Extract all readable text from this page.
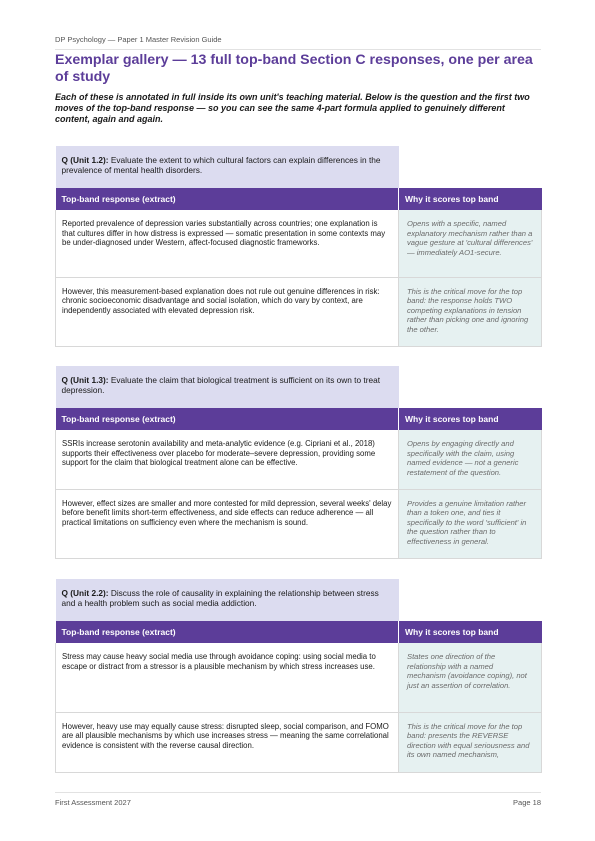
DP Psychology — Paper 1 Master Revision Guide
Exemplar gallery — 13 full top-band Section C responses, one per area of study

Each of these is annotated in full inside its own unit's teaching material. Below is the question and the first two moves of the top-band response — so you can see the same 4-part formula applied to genuinely different content, again and again.

Q (Unit 1.2): Evaluate the extent to which cultural factors can explain differences in the prevalence of mental health disorders.	
Top-band response (extract)	Why it scores top band
Reported prevalence of depression varies substantially across countries; one explanation is that cultures differ in how distress is expressed — somatic presentation in some contexts may be under-diagnosed under Western, affect-focused diagnostic frameworks.	Opens with a specific, named explanatory mechanism rather than a vague gesture at 'cultural differences' — immediately AO1-secure.
However, this measurement-based explanation does not rule out genuine differences in risk: chronic socioeconomic disadvantage and social isolation, which do vary by context, are independently associated with elevated depression risk.	This is the critical move for the top band: the response holds TWO competing explanations in tension rather than picking one and ignoring the other.
Q (Unit 1.3): Evaluate the claim that biological treatment is sufficient on its own to treat depression.	
Top-band response (extract)	Why it scores top band
SSRIs increase serotonin availability and meta-analytic evidence (e.g. Cipriani et al., 2018) supports their effectiveness over placebo for moderate–severe depression, providing some support for the claim that biological treatment alone can be effective.	Opens by engaging directly and specifically with the claim, using named evidence — not a generic restatement of the question.
However, effect sizes are smaller and more contested for mild depression, several weeks' delay before benefit limits short-term effectiveness, and side effects can reduce adherence — all practical limitations on sufficiency even where the mechanism is sound.	Provides a genuine limitation rather than a token one, and ties it specifically to the word 'sufficient' in the question rather than to effectiveness in general.
Q (Unit 2.2): Discuss the role of causality in explaining the relationship between stress and a health problem such as social media addiction.	
Top-band response (extract)	Why it scores top band
Stress may cause heavy social media use through avoidance coping: using social media to escape or distract from a stressor is a plausible mechanism by which stress increases use.	States one direction of the relationship with a named mechanism (avoidance coping), not just an assertion of correlation.
However, heavy use may equally cause stress: disrupted sleep, social comparison, and FOMO are all plausible mechanisms by which use increases stress — meaning the same correlational evidence is consistent with the reverse causal direction.	This is the critical move for the top band: presents the REVERSE direction with equal seriousness and its own named mechanism,
First Assessment 2027	Page 18
